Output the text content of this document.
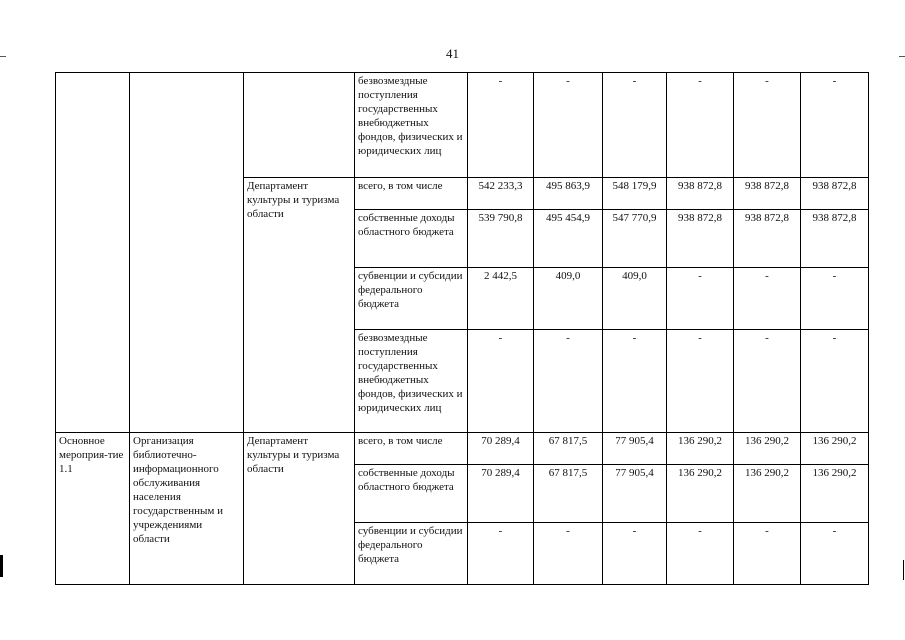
41
			безвозмездные поступления государственных внебюджетных фондов, физических и юридических лиц	-	-	-	-	-	-
		Департамент культуры и туризма области	всего, в том числе	542 233,3	495 863,9	548 179,9	938 872,8	938 872,8	938 872,8
			собственные доходы областного бюджета	539 790,8	495 454,9	547 770,9	938 872,8	938 872,8	938 872,8
			субвенции и субсидии федерального бюджета	2 442,5	409,0	409,0	-	-	-
			безвозмездные поступления государственных внебюджетных фондов, физических и юридических лиц	-	-	-	-	-	-
Основное мероприя-тие 1.1	Организация библиотечно-информационного обслуживания населения государственным и учреждениями области	Департамент культуры и туризма области	всего, в том числе	70 289,4	67 817,5	77 905,4	136 290,2	136 290,2	136 290,2
			собственные доходы областного бюджета	70 289,4	67 817,5	77 905,4	136 290,2	136 290,2	136 290,2
			субвенции и субсидии федерального бюджета	-	-	-	-	-	-
